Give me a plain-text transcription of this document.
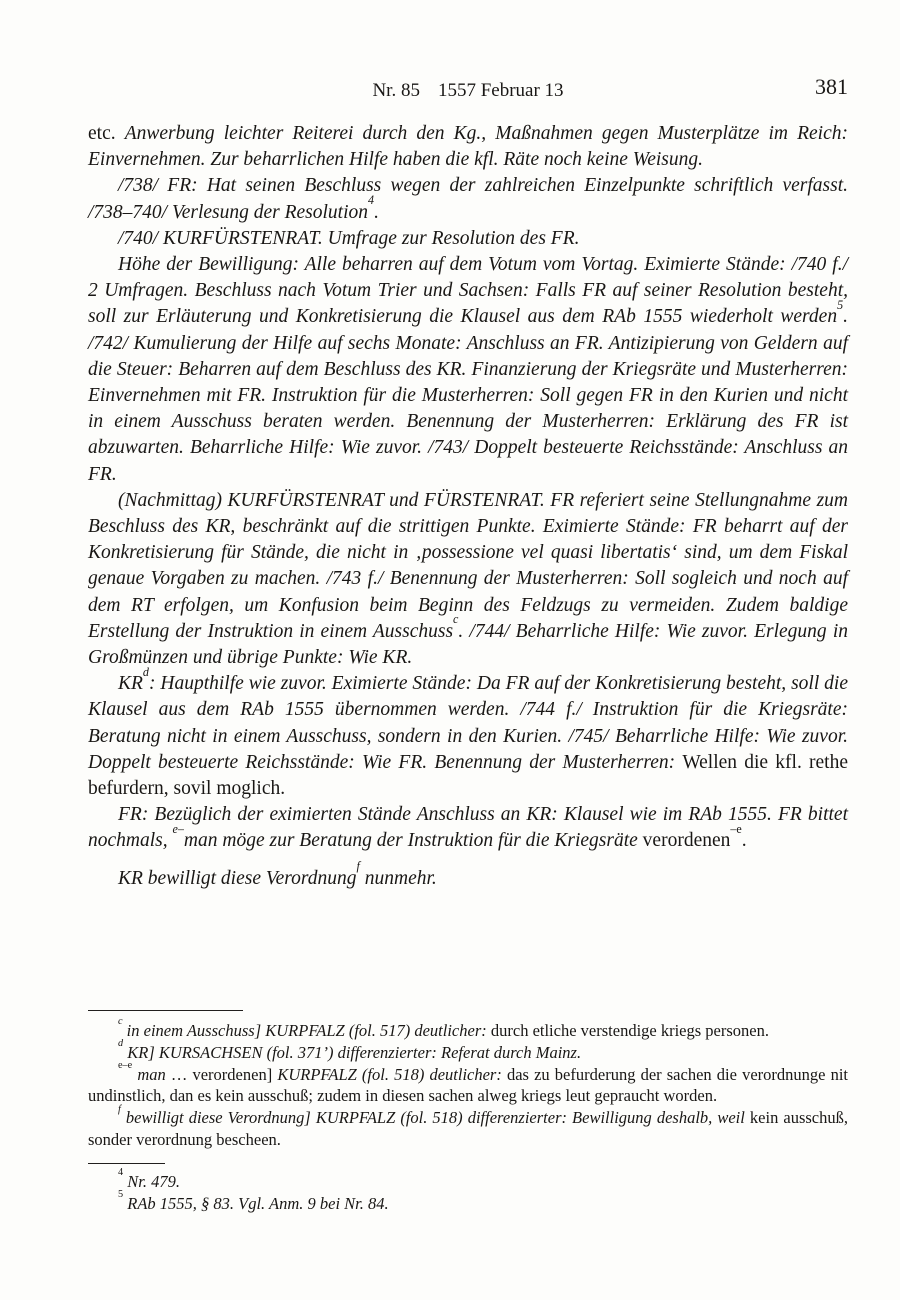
Nr. 85 1557 Februar 13	381

etc. Anwerbung leichter Reiterei durch den Kg., Maßnahmen gegen Musterplätze im Reich: Einvernehmen. Zur beharrlichen Hilfe haben die kfl. Räte noch keine Weisung.

/738/ FR: Hat seinen Beschluss wegen der zahlreichen Einzelpunkte schriftlich verfasst. /738–740/ Verlesung der Resolution$^4$.

/740/ KURFÜRSTENRAT. Umfrage zur Resolution des FR.

Höhe der Bewilligung: Alle beharren auf dem Votum vom Vortag. Eximierte Stände: /740 f./ 2 Umfragen. Beschluss nach Votum Trier und Sachsen: Falls FR auf seiner Resolution besteht, soll zur Erläuterung und Konkretisierung die Klausel aus dem RAb 1555 wiederholt werden$^5$. /742/ Kumulierung der Hilfe auf sechs Monate: Anschluss an FR. Antizipierung von Geldern auf die Steuer: Beharren auf dem Beschluss des KR. Finanzierung der Kriegsräte und Musterherren: Einvernehmen mit FR. Instruktion für die Musterherren: Soll gegen FR in den Kurien und nicht in einem Ausschuss beraten werden. Benennung der Musterherren: Erklärung des FR ist abzuwarten. Beharrliche Hilfe: Wie zuvor. /743/ Doppelt besteuerte Reichsstände: Anschluss an FR.

(Nachmittag) KURFÜRSTENRAT und FÜRSTENRAT. FR referiert seine Stellungnahme zum Beschluss des KR, beschränkt auf die strittigen Punkte. Eximierte Stände: FR beharrt auf der Konkretisierung für Stände, die nicht in ‚possessione vel quasi libertatis‘ sind, um dem Fiskal genaue Vorgaben zu machen. /743 f./ Benennung der Musterherren: Soll sogleich und noch auf dem RT erfolgen, um Konfusion beim Beginn des Feldzugs zu vermeiden. Zudem baldige Erstellung der Instruktion in einem Ausschuss$^c$. /744/ Beharrliche Hilfe: Wie zuvor. Erlegung in Großmünzen und übrige Punkte: Wie KR.

$KR^d$: Haupthilfe wie zuvor. Eximierte Stände: Da FR auf der Konkretisierung besteht, soll die Klausel aus dem RAb 1555 übernommen werden. /744 f./ Instruktion für die Kriegsräte: Beratung nicht in einem Ausschuss, sondern in den Kurien. /745/ Beharrliche Hilfe: Wie zuvor. Doppelt besteuerte Reichsstände: Wie FR. Benennung der Musterherren: Wellen die kfl. rethe befurdern, sovil moglich.

FR: Bezüglich der eximierten Stände Anschluss an KR: Klausel wie im RAb 1555. FR bittet nochmals, $^{e-}$man möge zur Beratung der Instruktion für die Kriegsräte verordenen$^{-e}$.

KR bewilligt diese Verordnung$^f$ nunmehr.

$^c$ in einem Ausschuss] KURPFALZ (fol. 517) deutlicher: durch etliche verstendige kriegs personen.

$^d$ KR] KURSACHSEN (fol. 371’) differenzierter: Referat durch Mainz.

$^{e-e}$ man … verordenen] KURPFALZ (fol. 518) deutlicher: das zu befurderung der sachen die verordnunge nit undinstlich, dan es kein ausschuß; zudem in diesen sachen alweg kriegs leut gepraucht worden.

$^f$ bewilligt diese Verordnung] KURPFALZ (fol. 518) differenzierter: Bewilligung deshalb, weil kein ausschuß, sonder verordnung bescheen.

$^4$ Nr. 479.

$^5$ RAb 1555, § 83. Vgl. Anm. 9 bei Nr. 84.
